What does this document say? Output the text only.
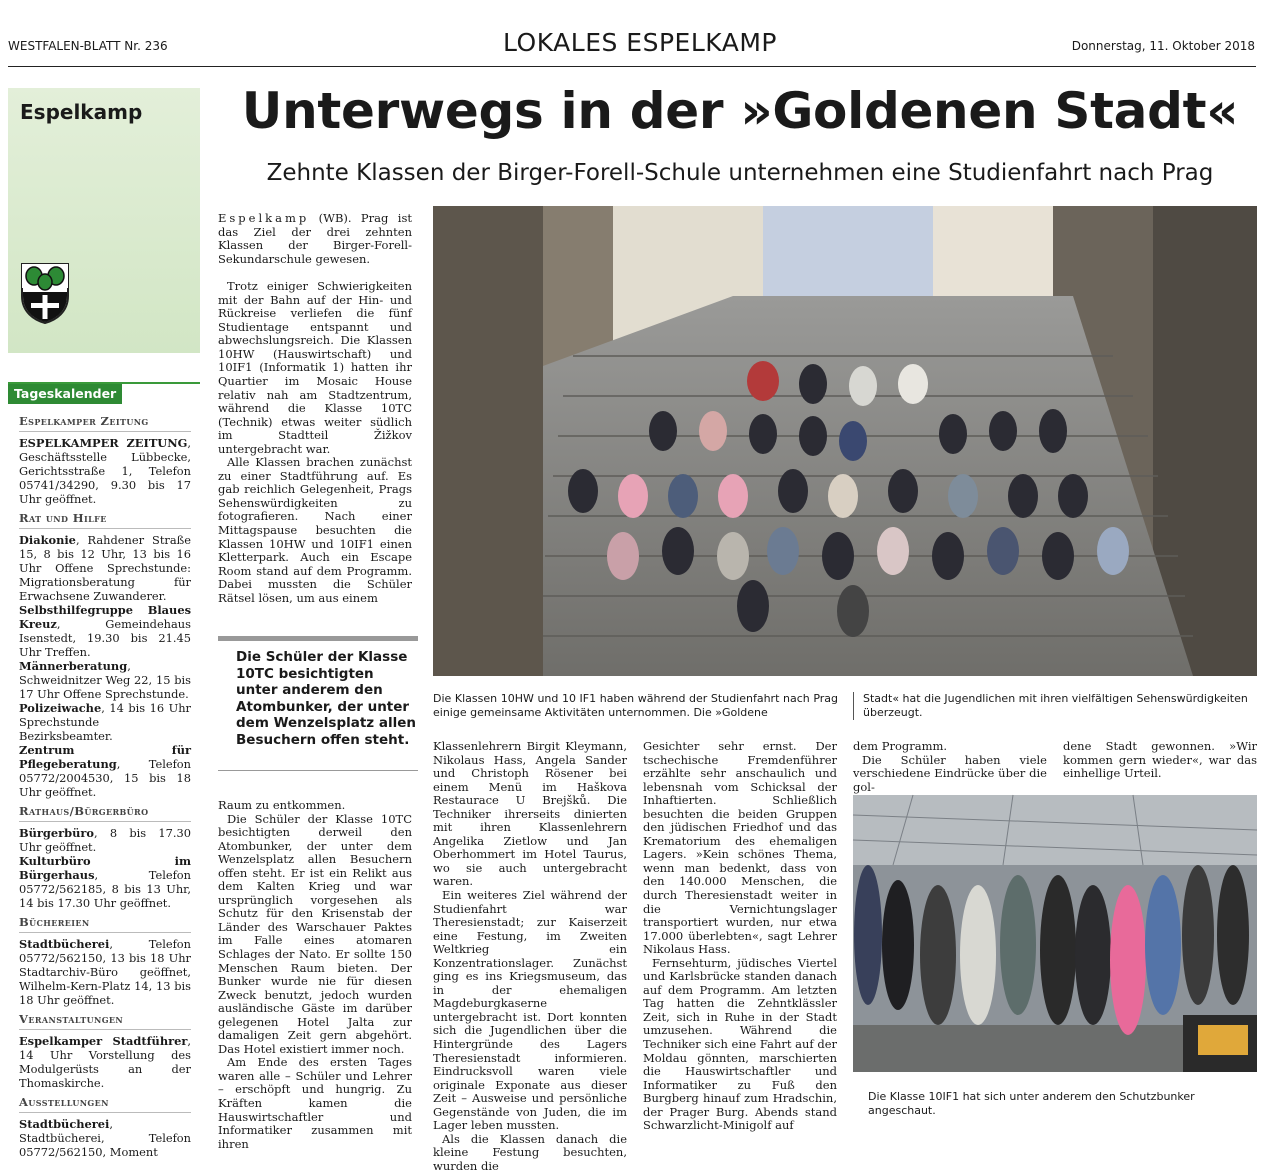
WESTFALEN-BLATT Nr. 236	LOKALES ESPELKAMP	Donnerstag, 11. Oktober 2018
Espelkamp
Tageskalender
Espelkamper Zeitung

ESPELKAMPER ZEITUNG, Geschäftsstelle Lübbecke, Gerichtsstraße 1, Telefon 05741/34290, 9.30 bis 17 Uhr geöffnet.

Rat und Hilfe

Diakonie, Rahdener Straße 15, 8 bis 12 Uhr, 13 bis 16 Uhr Offene Sprechstunde: Migrationsberatung für Erwachsene Zuwanderer.

Selbsthilfegruppe Blaues Kreuz, Gemeindehaus Isenstedt, 19.30 bis 21.45 Uhr Treffen.

Männerberatung, Schweidnitzer Weg 22, 15 bis 17 Uhr Offene Sprechstunde.

Polizeiwache, 14 bis 16 Uhr Sprechstunde Bezirksbeamter.

Zentrum für Pflegeberatung, Telefon 05772/2004530, 15 bis 18 Uhr geöffnet.

Rathaus/Bürgerbüro

Bürgerbüro, 8 bis 17.30 Uhr geöffnet.

Kulturbüro im Bürgerhaus, Telefon 05772/562185, 8 bis 13 Uhr, 14 bis 17.30 Uhr geöffnet.

Büchereien

Stadtbücherei, Telefon 05772/562150, 13 bis 18 Uhr Stadtarchiv-Büro geöffnet, Wilhelm-Kern-Platz 14, 13 bis 18 Uhr geöffnet.

Veranstaltungen

Espelkamper Stadtführer, 14 Uhr Vorstellung des Modulgerüsts an der Thomaskirche.

Ausstellungen

Stadtbücherei, Stadtbücherei, Telefon 05772/562150, Moment

Unterwegs in der »Goldenen Stadt«
Zehnte Klassen der Birger-Forell-Schule unternehmen eine Studienfahrt nach Prag

Espelkamp (WB). Prag ist das Ziel der drei zehnten Klassen der Birger-Forell-Sekundarschule gewesen.

Trotz einiger Schwierigkeiten mit der Bahn auf der Hin- und Rückreise verliefen die fünf Studientage entspannt und abwechslungsreich. Die Klassen 10HW (Hauswirtschaft) und 10IF1 (Informatik 1) hatten ihr Quartier im Mosaic House relativ nah am Stadtzentrum, während die Klasse 10TC (Technik) etwas weiter südlich im Stadtteil Žižkov untergebracht war.

Alle Klassen brachen zunächst zu einer Stadtführung auf. Es gab reichlich Gelegenheit, Prags Sehenswürdigkeiten zu fotografieren. Nach einer Mittagspause besuchten die Klassen 10HW und 10IF1 einen Kletterpark. Auch ein Escape Room stand auf dem Programm. Dabei mussten die Schüler Rätsel lösen, um aus einem

Die Schüler der Klasse 10TC besichtigten unter anderem den Atombunker, der unter dem Wenzelsplatz allen Besuchern offen steht.

Raum zu entkommen.

Die Schüler der Klasse 10TC besichtigten derweil den Atombunker, der unter dem Wenzelsplatz allen Besuchern offen steht. Er ist ein Relikt aus dem Kalten Krieg und war ursprünglich vorgesehen als Schutz für den Krisenstab der Länder des Warschauer Paktes im Falle eines atomaren Schlages der Nato. Er sollte 150 Menschen Raum bieten. Der Bunker wurde nie für diesen Zweck benutzt, jedoch wurden ausländische Gäste im darüber gelegenen Hotel Jalta zur damaligen Zeit gern abgehört. Das Hotel existiert immer noch.

Am Ende des ersten Tages waren alle – Schüler und Lehrer – erschöpft und hungrig. Zu Kräften kamen die Hauswirtschaftler und Informatiker zusammen mit ihren

Die Klassen 10HW und 10 IF1 haben während der Studienfahrt nach Prag einige gemeinsame Aktivitäten unternommen. Die »Goldene

Stadt« hat die Jugendlichen mit ihren vielfältigen Sehenswürdigkeiten überzeugt.

Klassenlehrern Birgit Kleymann, Nikolaus Hass, Angela Sander und Christoph Rösener bei einem Menü im Haškova Restaurace U Brejšků. Die Techniker ihrerseits dinierten mit ihren Klassenlehrern Angelika Zietlow und Jan Oberhommert im Hotel Taurus, wo sie auch untergebracht waren.

Ein weiteres Ziel während der Studienfahrt war Theresienstadt; zur Kaiserzeit eine Festung, im Zweiten Weltkrieg ein Konzentrationslager. Zunächst ging es ins Kriegsmuseum, das in der ehemaligen Magdeburgkaserne untergebracht ist. Dort konnten sich die Jugendlichen über die Hintergründe des Lagers Theresienstadt informieren. Eindrucksvoll waren viele originale Exponate aus dieser Zeit – Ausweise und persönliche Gegenstände von Juden, die im Lager leben mussten.

Als die Klassen danach die kleine Festung besuchten, wurden die

Gesichter sehr ernst. Der tschechische Fremdenführer erzählte sehr anschaulich und lebensnah vom Schicksal der Inhaftierten. Schließlich besuchten die beiden Gruppen den jüdischen Friedhof und das Krematorium des ehemaligen Lagers. »Kein schönes Thema, wenn man bedenkt, dass von den 140.000 Menschen, die durch Theresienstadt weiter in die Vernichtungslager transportiert wurden, nur etwa 17.000 überlebten«, sagt Lehrer Nikolaus Hass.

Fernsehturm, jüdisches Viertel und Karlsbrücke standen danach auf dem Programm. Am letzten Tag hatten die Zehntklässler Zeit, sich in Ruhe in der Stadt umzusehen. Während die Techniker sich eine Fahrt auf der Moldau gönnten, marschierten die Hauswirtschaftler und Informatiker zu Fuß den Burgberg hinauf zum Hradschin, der Prager Burg. Abends stand Schwarzlicht-Minigolf auf

dem Programm.

Die Schüler haben viele verschiedene Eindrücke über die gol-

dene Stadt gewonnen. »Wir kommen gern wieder«, war das einhellige Urteil.

Die Klasse 10IF1 hat sich unter anderem den Schutzbunker angeschaut.
